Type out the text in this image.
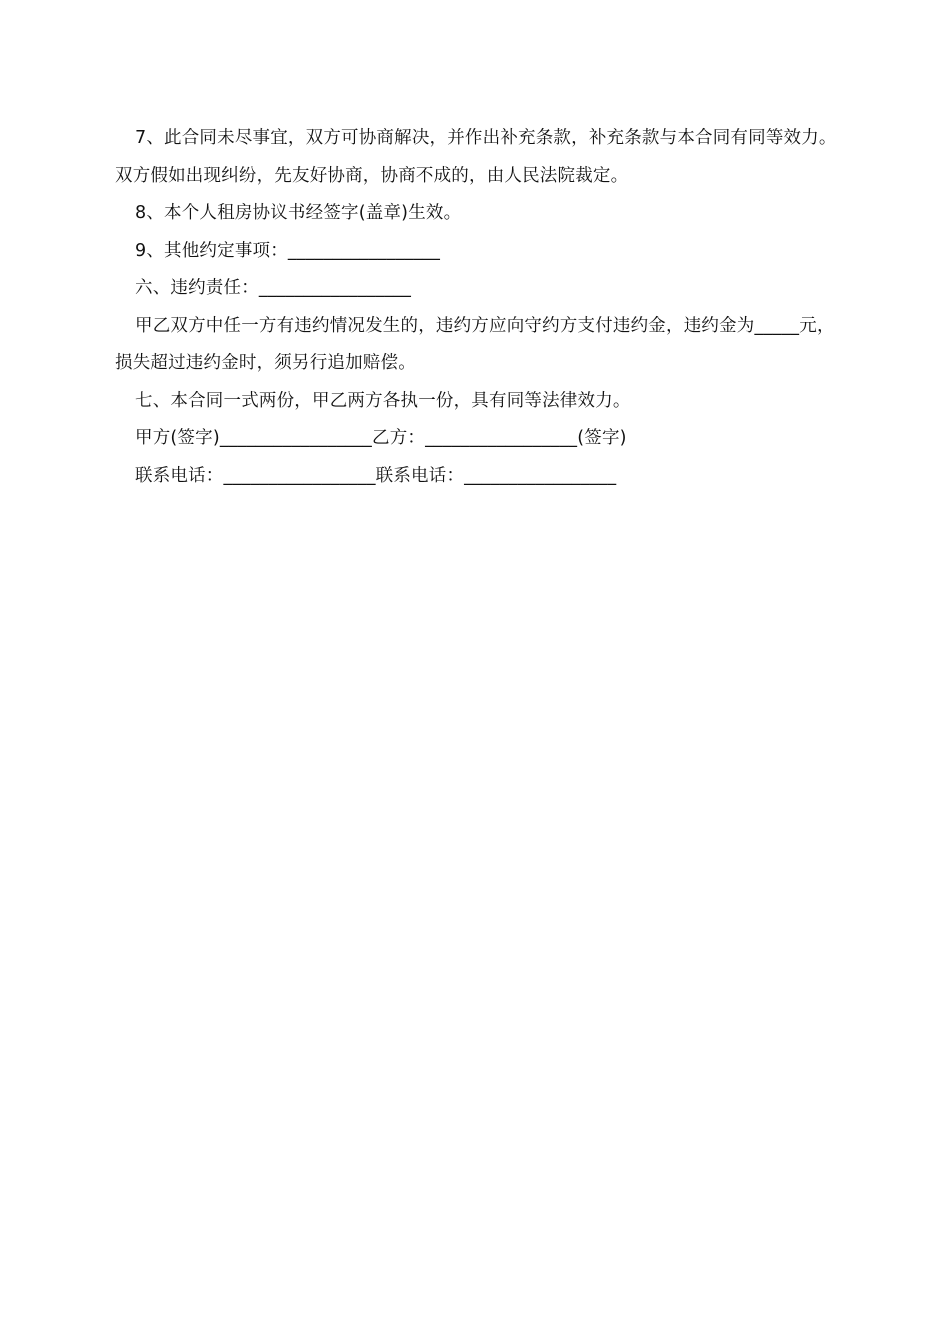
7、此合同未尽事宜，双方可协商解决，并作出补充条款，补充条款与本合同有同等效力。双方假如出现纠纷，先友好协商，协商不成的，由人民法院裁定。

8、本个人租房协议书经签字(盖章)生效。

9、其他约定事项：_________________

六、违约责任：_________________

甲乙双方中任一方有违约情况发生的，违约方应向守约方支付违约金，违约金为_____元，损失超过违约金时，须另行追加赔偿。

七、本合同一式两份，甲乙两方各执一份，具有同等法律效力。

甲方(签字)_________________乙方：_________________(签字)

联系电话：_________________联系电话：_________________
